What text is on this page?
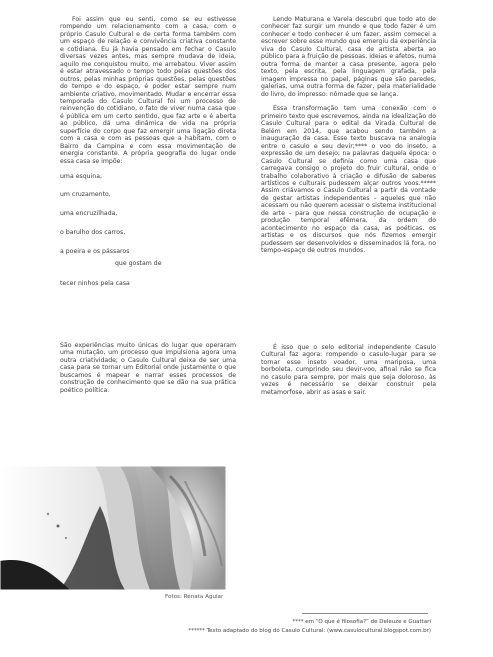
Foi assim que eu senti, como se eu estivesse rompendo um relacionamento com a casa, com o próprio Casulo Cultural e de certa forma também com um espaço de relação e convivência criativa constante e cotidiana. Eu já havia pensado em fechar o Casulo diversas vezes antes, mas sempre mudava de ideia, aquilo me conquistou muito, me arrebatou. Viver assim é estar atravessado o tempo todo pelas questões dos outros, pelas minhas próprias questões, pelas questões do tempo e do espaço, é poder estar sempre num ambiente criativo, movimentado. Mudar e encerrar essa temporada do Casulo Cultural foi um processo de reinvenção do cotidiano, o fato de viver numa casa que é pública em um certo sentido, que faz arte e é aberta ao público, dá uma dinâmica de vida na própria superfície do corpo que faz emergir uma ligação direta com a casa e com as pessoas que a habitam, com o Bairro da Campina e com essa movimentação de energia constante. A própria geografia do lugar onde essa casa se impõe:

uma esquina,

um cruzamento,

uma encruzilhada,

o barulho dos carros,

a poeira e os pássaros

que gostam de

tecer ninhos pela casa

São experiências muito únicas do lugar que operaram uma mutação, um processo que impulsiona agora uma outra criatividade; o Casulo Cultural deixa de ser uma casa para se tornar um Editorial onde justamente o que buscamos é mapear e narrar esses processos de construção de conhecimento que se dão na sua prática poético política.

Lendo Maturana e Varela descubri que todo ato de conhecer faz surgir um mundo e que todo fazer é um conhecer e todo conhecer é um fazer, assim comecei a escrever sobre esse mundo que emergiu da experiência viva do Casulo Cultural, casa de artista aberta ao público para a fruição de pessoas, ideias e afetos, numa outra forma de manter a casa presente, agora pelo texto, pela escrita, pela linguagem grafada, pela imagem impressa no papel, páginas que são paredes, galerias, uma outra forma de fazer, pela materialidade do livro, do impresso: nômade que se lança.

Essa transformação tem uma conexão com o primeiro texto que escrevemos, ainda na idealização do Casulo Cultural para o edital da Virada Cultural de Belém em 2014, que acabou sendo também a inauguração da casa. Esse texto buscava na analogia entre o casulo e seu devir;**** o voo do inseto, a expressão de um desejo; na palavras daquela época: o Casulo Cultural se definia como uma casa que carregava consigo o projeto do fruir cultural, onde o trabalho colaborativo à criação e difusão de saberes artísticos e culturais pudessem alçar outros voos.***** Assim criávamos o Casulo Cultural a partir da vontade de gestar artistas independentes – aqueles que não acessam ou não querem acessar o sistema institucional de arte – para que nessa construção de ocupação e produção temporal efêmera, da ordem do acontecimento no espaço da casa, as poéticas, os artistas e os discursos que nós fizemos emergir pudessem ser desenvolvidos e disseminados lá fora, no tempo-espaço de outros mundos.

É isso que o selo editorial independente Casulo Cultural faz agora: rompendo o casulo-lugar para se tornar esse inseto voador, uma mariposa, uma borboleta, cumprindo seu devir-voo, afinal não se fica no casulo para sempre, por mais que seja doloroso, às vezes é necessário se deixar construir pela metamorfose, abrir as asas e sair.

Fotos: Renata Aguiar
**** em “O que é filosofia?” de Deleuze e Guattari
****** Texto adaptado do blog do Casulo Cultural: (www.casulocultural.blogspot.com.br)
